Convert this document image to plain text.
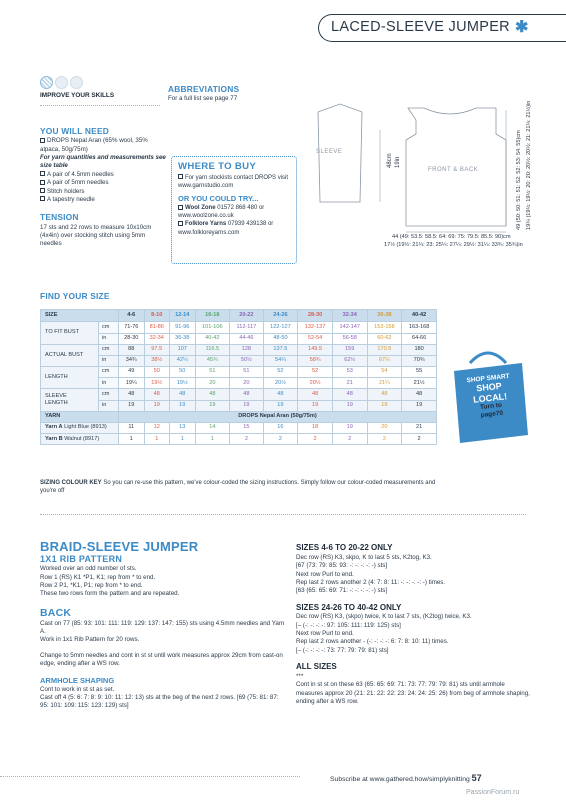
LACED-SLEEVE JUMPER ✱
IMPROVE YOUR SKILLS
YOU WILL NEED

DROPS Nepal Aran (65% wool, 35% alpaca, 50g/75m)

For yarn quantities and measurements see size table

A pair of 4.5mm needles

A pair of 5mm needles

Stitch holders

A tapestry needle

TENSION

17 sts and 22 rows to measure 10x10cm (4x4in) over stocking stitch using 5mm needles

ABBREVIATIONS

For a full list see page 77

WHERE TO BUY

For yarn stockists contact DROPS visit www.garnstudio.com

OR YOU COULD TRY...

Wool Zone 01572 868 480 or www.woolzone.co.uk

Folklore Yarns 07939 439138 or www.folkloreyarns.com

SLEEVE
FRONT & BACK
48cm 19in	49 (50: 50: 51: 51: 52: 52: 53: 54: 55)cm 19¼ (19½: 19½: 20: 20: 20½: 20½: 21: 21¼: 21½)in
44 (49: 53.5: 58.5: 64: 69: 75: 79.5: 85.5: 90)cm
17½ (19½: 21¼: 23: 25¼: 27¼: 29½: 31¼: 33¾: 35¾)in
FIND YOUR SIZE
SIZE		4-6	8-10	12-14	16-18	20-22	24-26	28-30	32-34	36-38	40-42
TO FIT BUST	cm	71-76	81-86	91-96	101-106	112-117	122-127	132-137	142-147	153-158	163-168
	in	28-30	32-34	36-38	40-42	44-46	48-50	52-54	56-58	60-62	64-66
ACTUAL BUST	cm	88	97.5	107	116.5	128	137.5	149.5	159	170.5	180
	in	34¾	38½	42¼	45¾	50½	54¼	58¾	62½	67¼	70¾
LENGTH	cm	49	50	50	51	51	52	52	53	54	55
	in	19¼	19½	19½	20	20	20½	20½	21	21¼	21½
SLEEVE
LENGTH	cm	48	48	48	48	48	48	48	48	48	48
	in	19	19	19	19	19	19	19	19	19	19
YARN		DROPS Nepal Aran (50g/75m)									
Yarn A Light Blue (8913)		11	12	13	14	15	16	18	19	20	21
Yarn B Walnut (8917)		1	1	1	1	2	2	2	2	2	2
SHOP SMART
SHOP
LOCAL!
Turn to
page70
SIZING COLOUR KEY So you can re-use this pattern, we've colour-coded the sizing instructions. Simply follow our colour-coded measurements and you're off
BRAID-SLEEVE JUMPER
1X1 RIB PATTERN

Worked over an odd number of sts.

Row 1 (RS) K1 *P1, K1; rep from * to end.

Row 2 P1, *K1, P1; rep from * to end.

These two rows form the pattern and are repeated.

BACK

Cast on 77 (85: 93: 101: 111: 119: 129: 137: 147: 155) sts using 4.5mm needles and Yarn A.

Work in 1x1 Rib Pattern for 20 rows.

Change to 5mm needles and cont in st st until work measures approx 29cm from cast-on edge, ending after a WS row.

ARMHOLE SHAPING

Cont to work in st st as set.

Cast off 4 (5: 6: 7: 8: 9: 10: 11: 12: 13) sts at the beg of the next 2 rows. [69 (75: 81: 87: 95: 101: 109: 115: 123: 129) sts]

SIZES 4-6 TO 20-22 ONLY

Dec row (RS) K3, skpo, K to last 5 sts, K2tog, K3.

[67 (73: 79: 85: 93: -: -: -: -: -) sts]

Next row Purl to end.

Rep last 2 rows another 2 (4: 7: 8: 11: -: -: -: -: -) times.

[63 (65: 65: 69: 71: -: -: -: -: -) sts]

SIZES 24-26 TO 40-42 ONLY

Dec row (RS) K3, (skpo) twice, K to last 7 sts, (K2tog) twice, K3.

[– (-: -: -: -: 97: 105: 111: 119: 125) sts]

Next row Purl to end.

Rep last 2 rows another - (-: -: -: -: 6: 7: 8: 10: 11) times.

[– (-: -: -: -: 73: 77: 79: 79: 81) sts]

ALL SIZES

***

Cont in st st on these 63 (65: 65: 69: 71: 73: 77: 79: 79: 81) sts until armhole measures approx 20 (21: 21: 22: 22: 23: 24: 24: 25: 26) from beg of armhole shaping, ending after a WS row.

Subscribe at www.gathered.how/simplyknitting 57
PassionForum.ru
